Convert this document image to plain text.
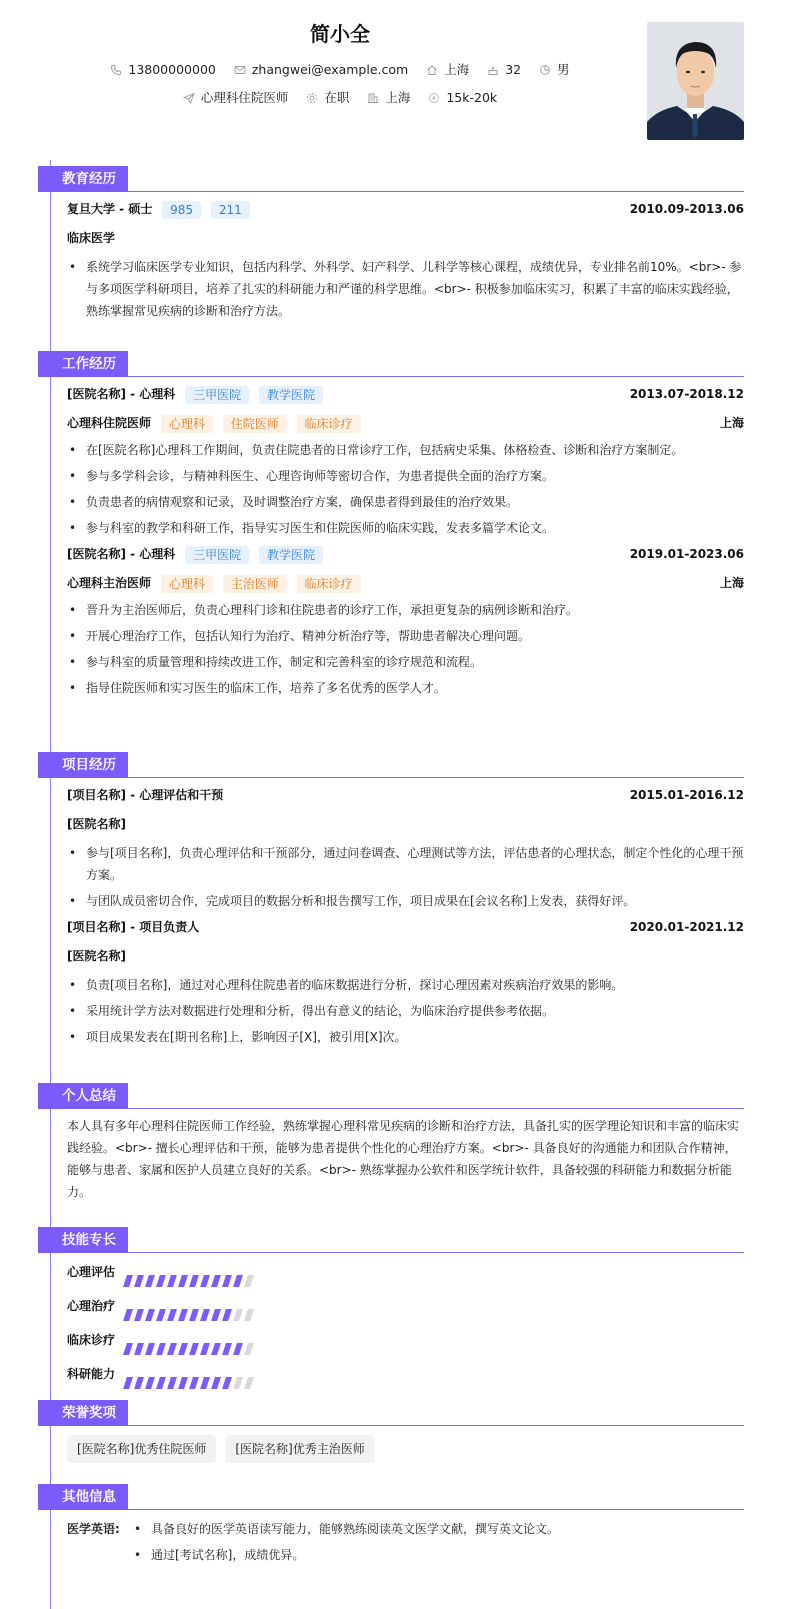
简小全
13800000000	zhangwei@example.com	上海	32	男
心理科住院医师	在职	上海	15k-20k
教育经历
复旦大学 - 硕士 985 211	2010.09-2013.06
临床医学
• 系统学习临床医学专业知识，包括内科学、外科学、妇产科学、儿科学等核心课程，成绩优异，专业排名前10%。<br>- 参与多项医学科研项目，培养了扎实的科研能力和严谨的科学思维。<br>- 积极参加临床实习，积累了丰富的临床实践经验，熟练掌握常见疾病的诊断和治疗方法。
工作经历
[医院名称] - 心理科 三甲医院 教学医院	2013.07-2018.12
心理科住院医师 心理科 住院医师 临床诊疗	上海
• 在[医院名称]心理科工作期间，负责住院患者的日常诊疗工作，包括病史采集、体格检查、诊断和治疗方案制定。
• 参与多学科会诊，与精神科医生、心理咨询师等密切合作，为患者提供全面的治疗方案。
• 负责患者的病情观察和记录，及时调整治疗方案，确保患者得到最佳的治疗效果。
• 参与科室的教学和科研工作，指导实习医生和住院医师的临床实践，发表多篇学术论文。
[医院名称] - 心理科 三甲医院 教学医院	2019.01-2023.06
心理科主治医师 心理科 主治医师 临床诊疗	上海
• 晋升为主治医师后，负责心理科门诊和住院患者的诊疗工作，承担更复杂的病例诊断和治疗。
• 开展心理治疗工作，包括认知行为治疗、精神分析治疗等，帮助患者解决心理问题。
• 参与科室的质量管理和持续改进工作，制定和完善科室的诊疗规范和流程。
• 指导住院医师和实习医生的临床工作，培养了多名优秀的医学人才。
项目经历
[项目名称] - 心理评估和干预	2015.01-2016.12
[医院名称]
• 参与[项目名称]，负责心理评估和干预部分，通过问卷调查、心理测试等方法，评估患者的心理状态，制定个性化的心理干预方案。
• 与团队成员密切合作，完成项目的数据分析和报告撰写工作，项目成果在[会议名称]上发表，获得好评。
[项目名称] - 项目负责人	2020.01-2021.12
[医院名称]
• 负责[项目名称]，通过对心理科住院患者的临床数据进行分析，探讨心理因素对疾病治疗效果的影响。
• 采用统计学方法对数据进行处理和分析，得出有意义的结论，为临床治疗提供参考依据。
• 项目成果发表在[期刊名称]上，影响因子[X]，被引用[X]次。
个人总结
本人具有多年心理科住院医师工作经验，熟练掌握心理科常见疾病的诊断和治疗方法，具备扎实的医学理论知识和丰富的临床实践经验。<br>- 擅长心理评估和干预，能够为患者提供个性化的心理治疗方案。<br>- 具备良好的沟通能力和团队合作精神，能够与患者、家属和医护人员建立良好的关系。<br>- 熟练掌握办公软件和医学统计软件，具备较强的科研能力和数据分析能力。
技能专长
心理评估
心理治疗
临床诊疗
科研能力
荣誉奖项
[医院名称]优秀住院医师 [医院名称]优秀主治医师
其他信息
医学英语:
•	具备良好的医学英语读写能力，能够熟练阅读英文医学文献，撰写英文论文。
• 通过[考试名称]，成绩优异。
